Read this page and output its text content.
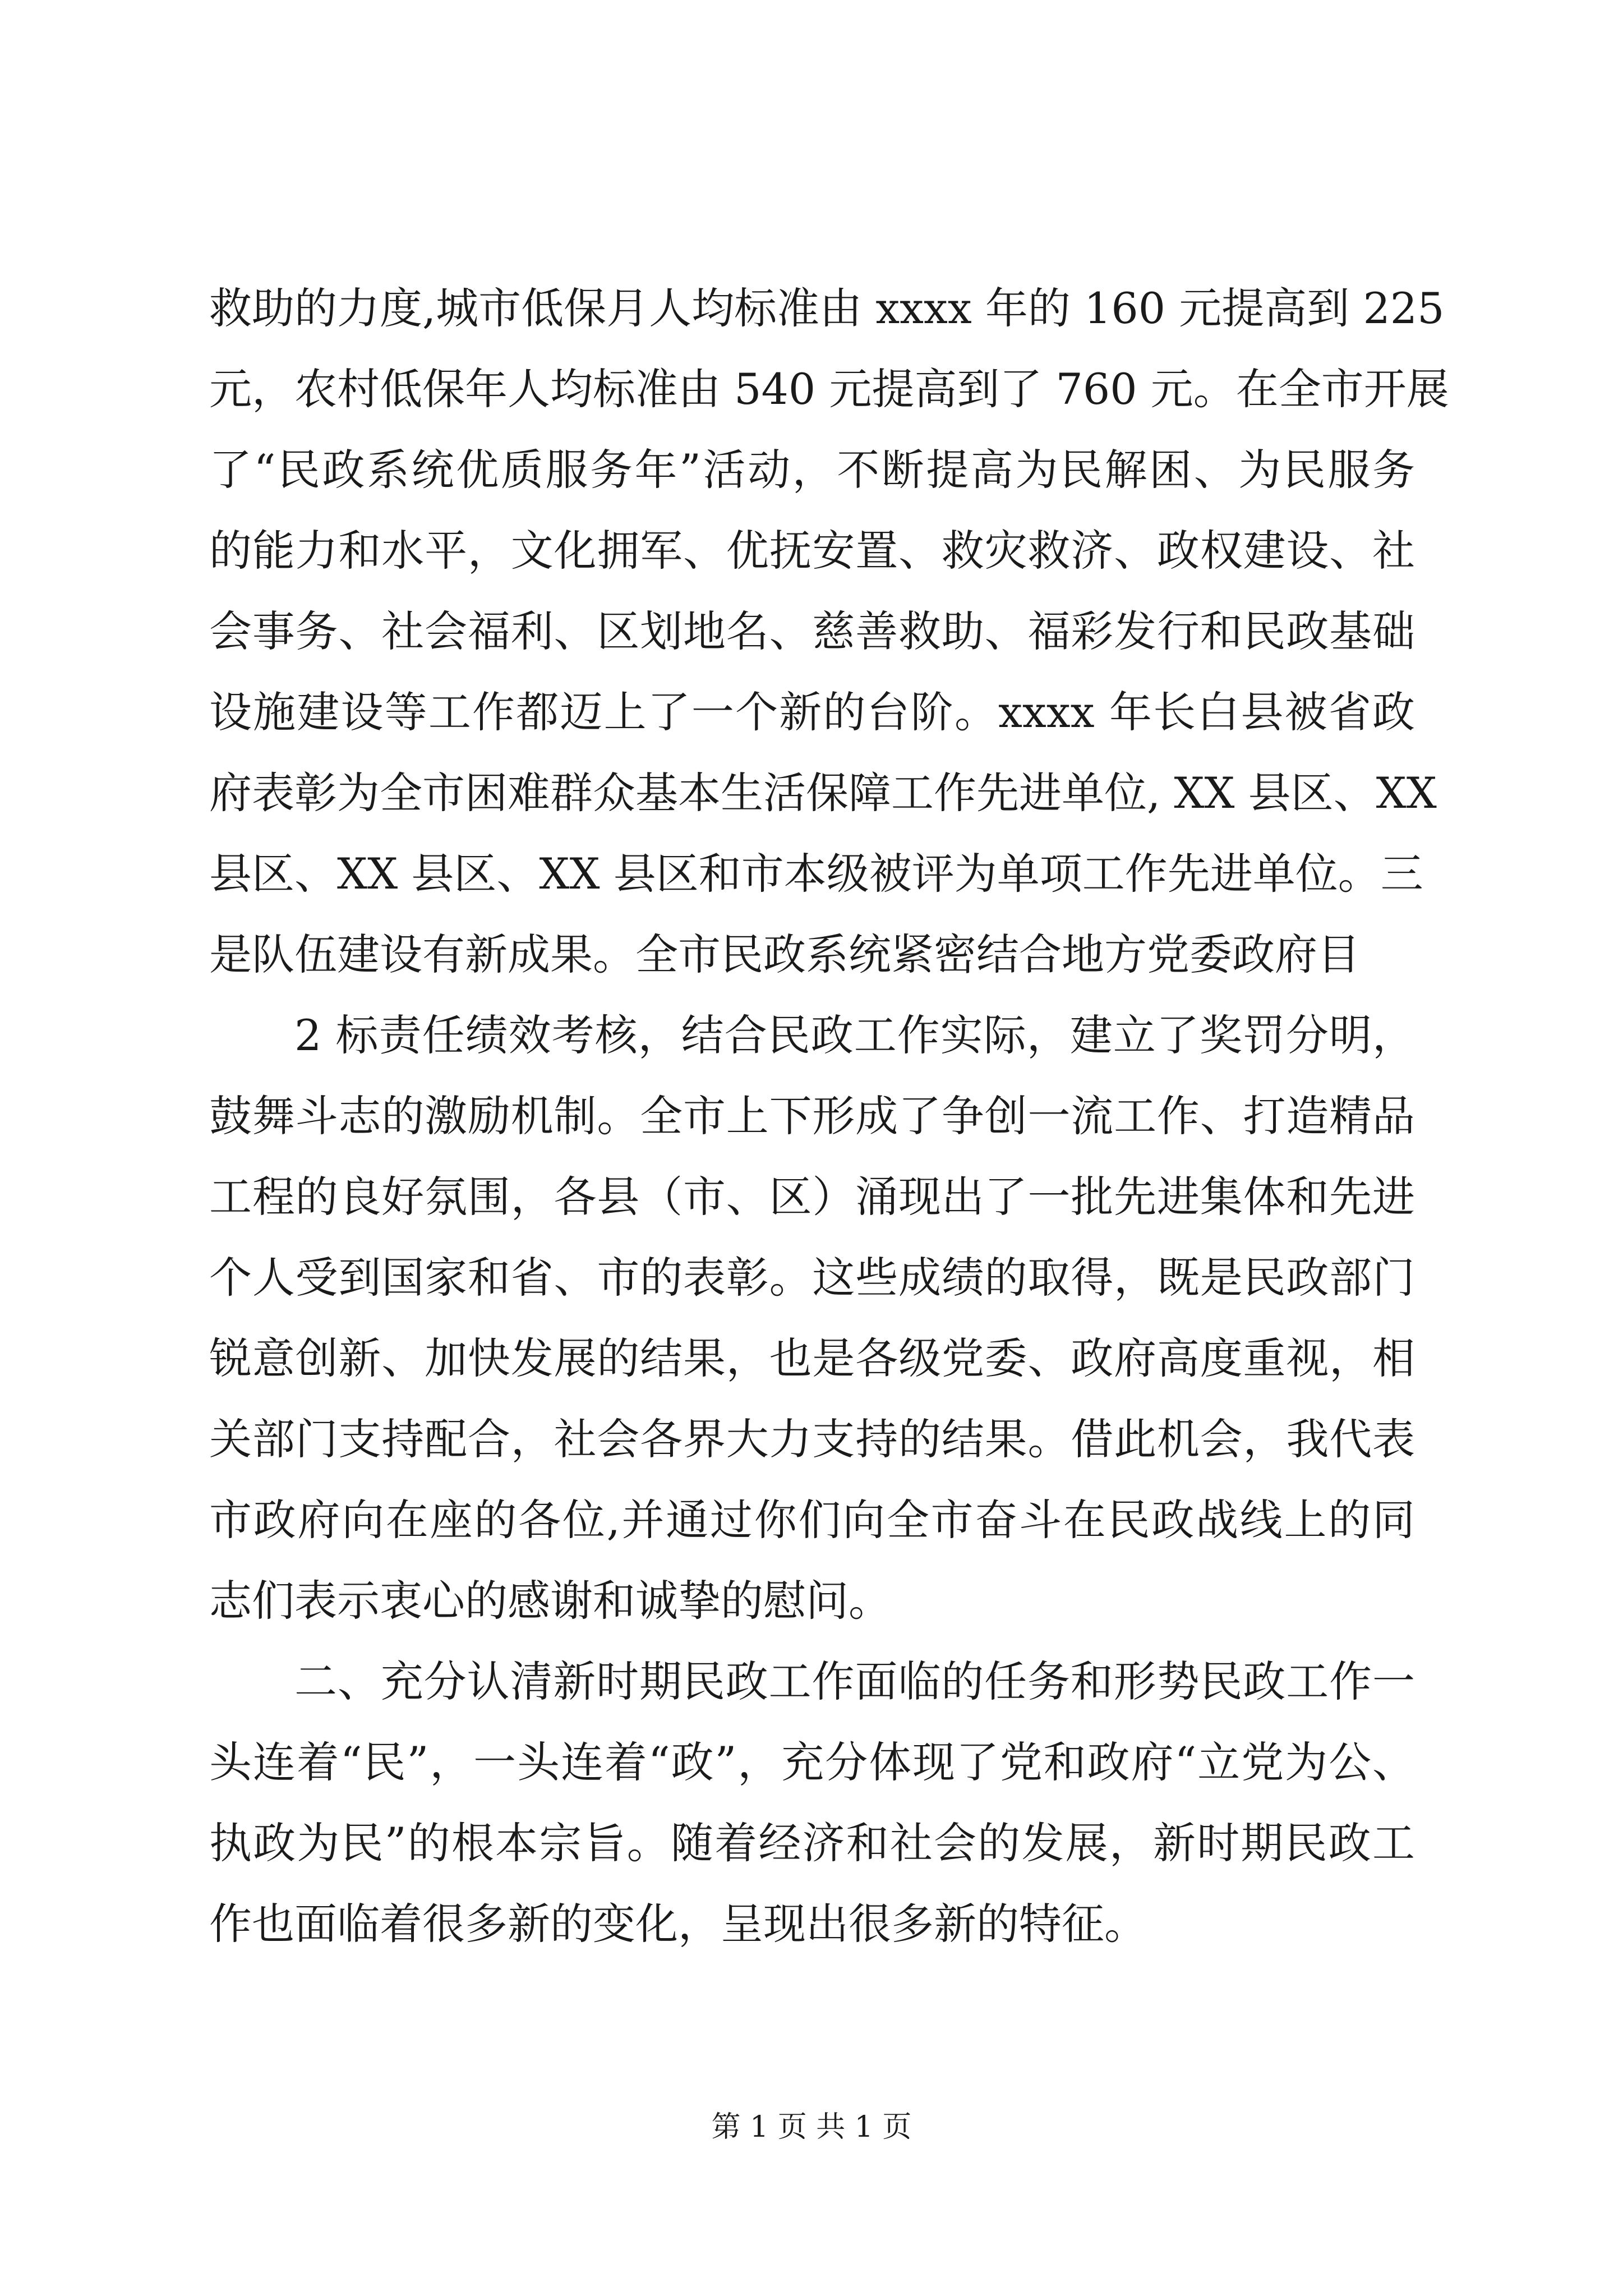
救助的力度,城市低保月人均标准由 xxxx 年的 160 元提高到 225

元，农村低保年人均标准由 540 元提高到了 760 元。在全市开展

了“民政系统优质服务年”活动，不断提高为民解困、为民服务

的能力和水平，文化拥军、优抚安置、救灾救济、政权建设、社

会事务、社会福利、区划地名、慈善救助、福彩发行和民政基础

设施建设等工作都迈上了一个新的台阶。xxxx 年长白县被省政

府表彰为全市困难群众基本生活保障工作先进单位, XX 县区、XX

县区、XX 县区、XX 县区和市本级被评为单项工作先进单位。三

是队伍建设有新成果。全市民政系统紧密结合地方党委政府目

2 标责任绩效考核，结合民政工作实际，建立了奖罚分明，

鼓舞斗志的激励机制。全市上下形成了争创一流工作、打造精品

工程的良好氛围，各县（市、区）涌现出了一批先进集体和先进

个人受到国家和省、市的表彰。这些成绩的取得，既是民政部门

锐意创新、加快发展的结果，也是各级党委、政府高度重视，相

关部门支持配合，社会各界大力支持的结果。借此机会，我代表

市政府向在座的各位,并通过你们向全市奋斗在民政战线上的同

志们表示衷心的感谢和诚挚的慰问。

二、充分认清新时期民政工作面临的任务和形势民政工作一

头连着“民”，一头连着“政”，充分体现了党和政府“立党为公、

执政为民”的根本宗旨。随着经济和社会的发展，新时期民政工

作也面临着很多新的变化，呈现出很多新的特征。

第 1 页 共 1 页
